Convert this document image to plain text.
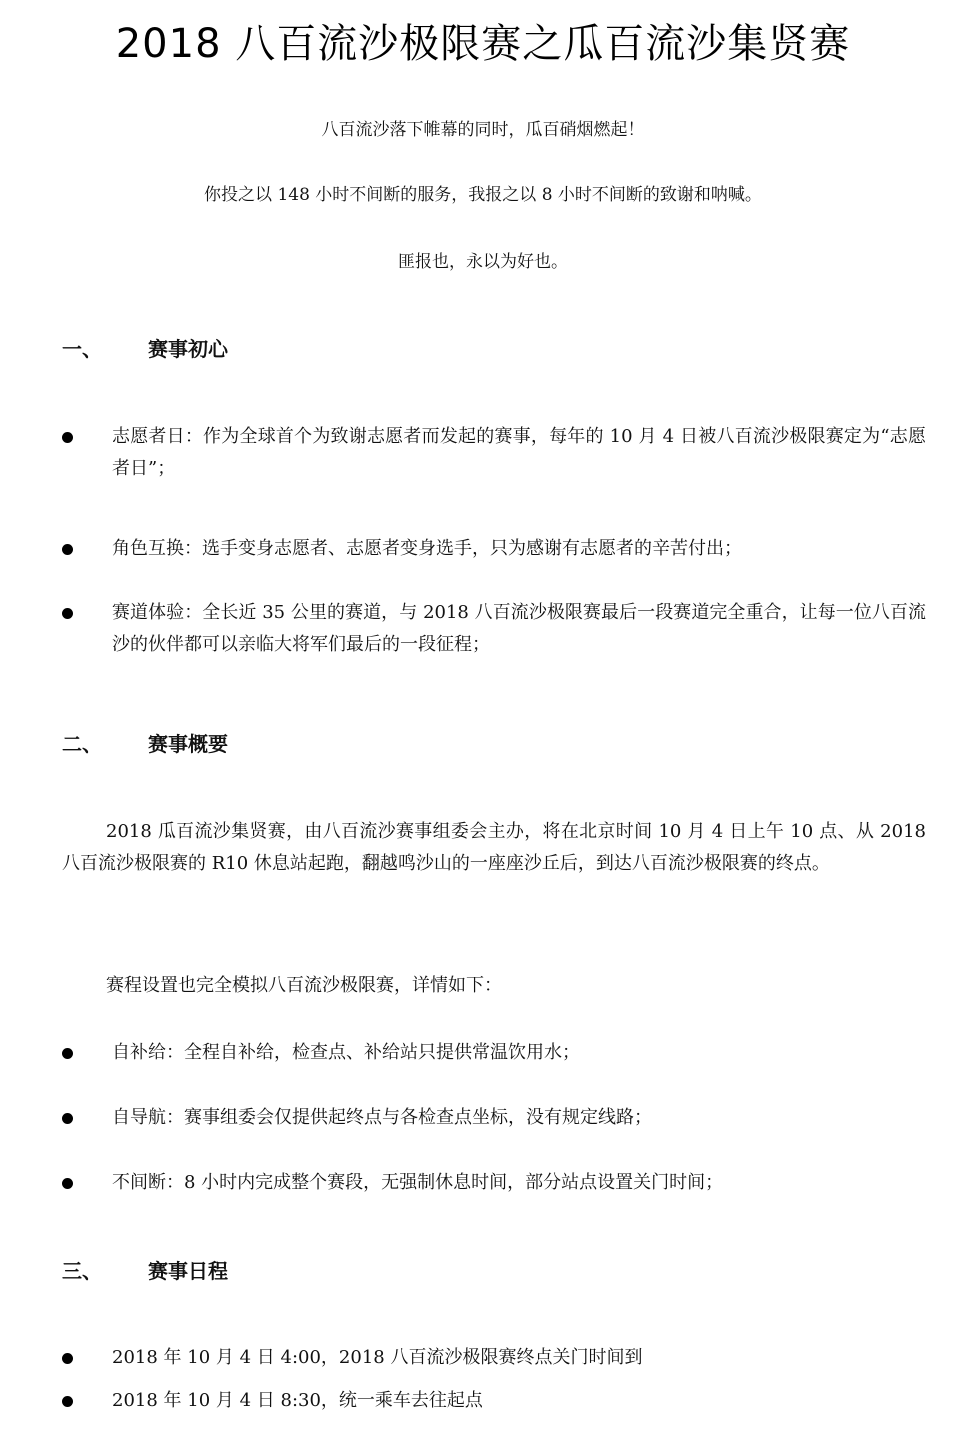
2018 八百流沙极限赛之瓜百流沙集贤赛
八百流沙落下帷幕的同时，瓜百硝烟燃起！
你投之以 148 小时不间断的服务，我报之以 8 小时不间断的致谢和呐喊。
匪报也，永以为好也。
一、 赛事初心
志愿者日：作为全球首个为致谢志愿者而发起的赛事，每年的 10 月 4 日被八百流沙极限赛定为“志愿者日”；
角色互换：选手变身志愿者、志愿者变身选手，只为感谢有志愿者的辛苦付出；
赛道体验：全长近 35 公里的赛道，与 2018 八百流沙极限赛最后一段赛道完全重合，让每一位八百流沙的伙伴都可以亲临大将军们最后的一段征程；
二、 赛事概要
2018 瓜百流沙集贤赛，由八百流沙赛事组委会主办，将在北京时间 10 月 4 日上午 10 点、从 2018 八百流沙极限赛的 R10 休息站起跑，翻越鸣沙山的一座座沙丘后，到达八百流沙极限赛的终点。
赛程设置也完全模拟八百流沙极限赛，详情如下：
自补给：全程自补给，检查点、补给站只提供常温饮用水；
自导航：赛事组委会仅提供起终点与各检查点坐标，没有规定线路；
不间断：8 小时内完成整个赛段，无强制休息时间，部分站点设置关门时间；
三、 赛事日程
2018 年 10 月 4 日 4:00，2018 八百流沙极限赛终点关门时间到
2018 年 10 月 4 日 8:30，统一乘车去往起点
